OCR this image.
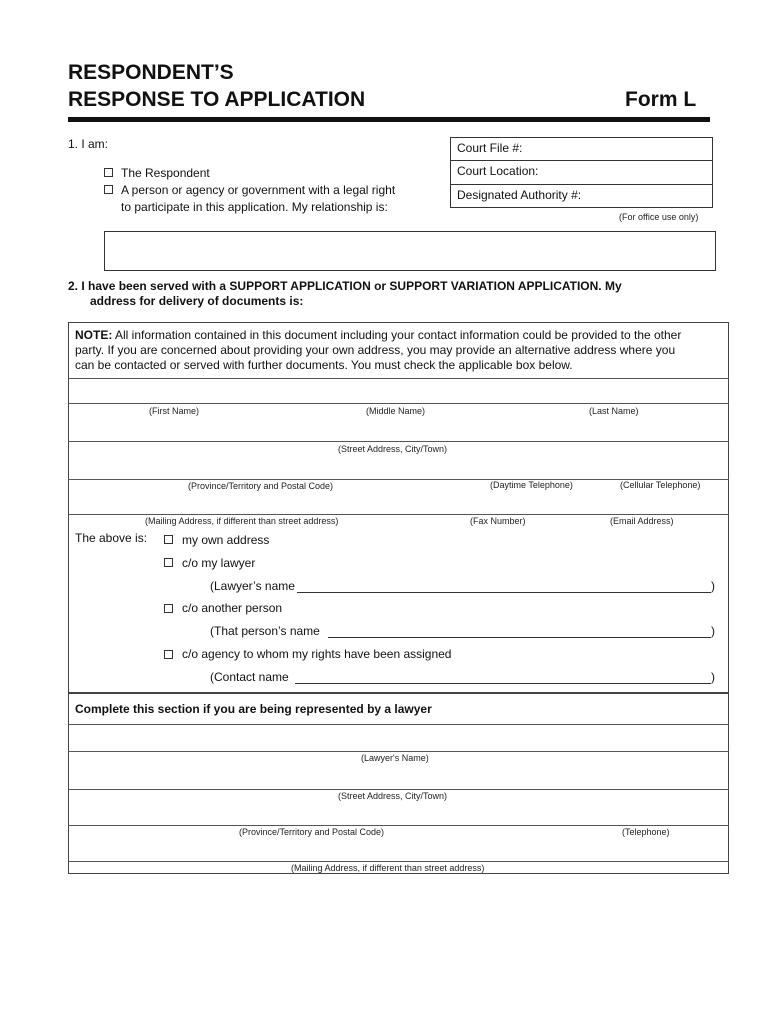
RESPONDENT’S
RESPONSE TO APPLICATION	Form L
1. I am:
The Respondent
A person or agency or government with a legal right
to participate in this application. My relationship is:
Court File #:
Court Location:
Designated Authority #:
(For office use only)
2. I have been served with a SUPPORT APPLICATION or SUPPORT VARIATION APPLICATION. My
address for delivery of documents is:
NOTE: All information contained in this document including your contact information could be provided to the other
party. If you are concerned about providing your own address, you may provide an alternative address where you
can be contacted or served with further documents. You must check the applicable box below.
(First Name)	(Middle Name)	(Last Name)
(Street Address, City/Town)
(Province/Territory and Postal Code)	(Daytime Telephone)	(Cellular Telephone)
(Mailing Address, if different than street address)	(Fax Number)	(Email Address)
The above is:	my own address
c/o my lawyer
(Lawyer’s name	)
c/o another person
(That person’s name	)
c/o agency to whom my rights have been assigned
(Contact name	)
Complete this section if you are being represented by a lawyer
(Lawyer's Name)
(Street Address, City/Town)
(Province/Territory and Postal Code)	(Telephone)
(Mailing Address, if different than street address)
